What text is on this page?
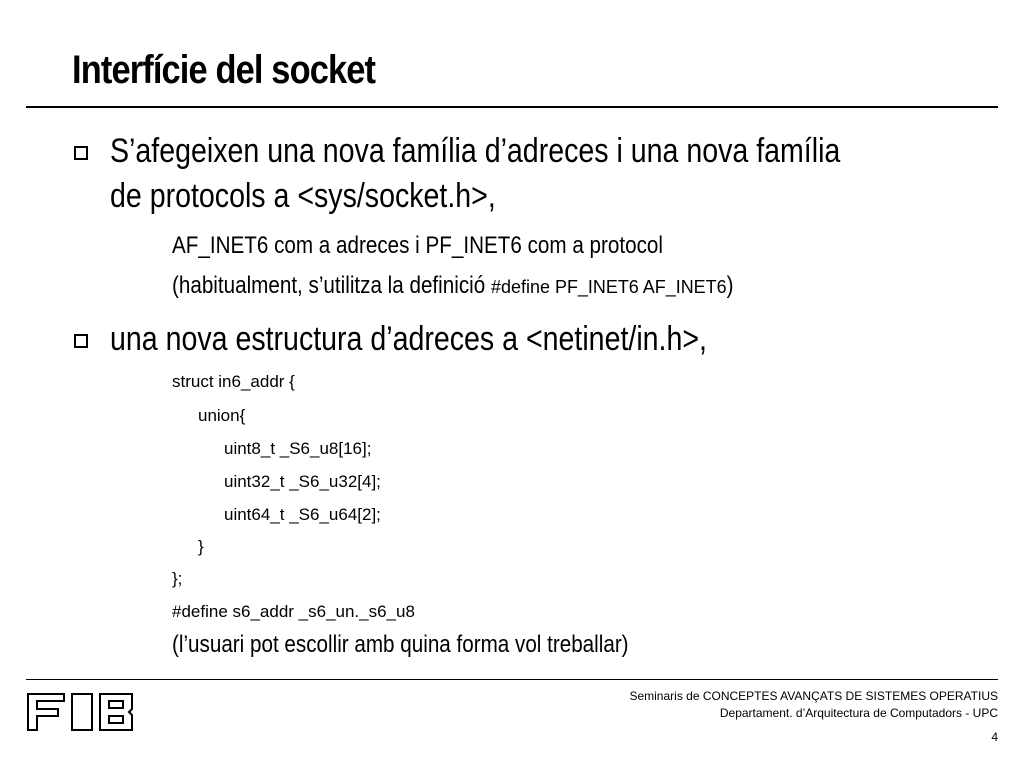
Interfície del socket
S’afegeixen una nova família d’adreces i una nova família
de protocols a <sys/socket.h>,
AF_INET6 com a adreces i PF_INET6 com a protocol
(habitualment, s’utilitza la definició #define PF_INET6 AF_INET6)
una nova estructura d’adreces a <netinet/in.h>,
struct in6_addr {
union{
uint8_t _S6_u8[16];
uint32_t _S6_u32[4];
uint64_t _S6_u64[2];
}
};
#define s6_addr _s6_un._s6_u8
(l’usuari pot escollir amb quina forma vol treballar)
Seminaris de CONCEPTES AVANÇATS DE SISTEMES OPERATIUS
Departament. d’Arquitectura de Computadors - UPC
4
